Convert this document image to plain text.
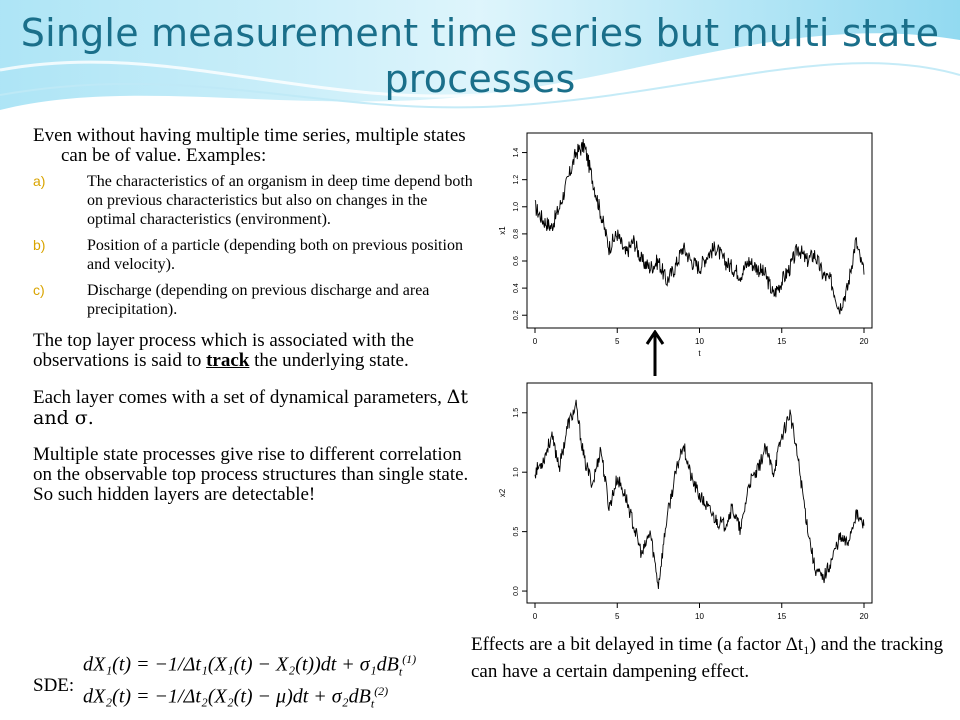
Single measurement time series but multi state processes
Even without having multiple time series, multiple states can be of value. Examples:
a)	The characteristics of an organism in deep time depend both on previous characteristics but also on changes in the optimal characteristics (environment).
b)	Position of a particle (depending both on previous position and velocity).
c)	Discharge (depending on previous discharge and area precipitation).
The top layer process which is associated with the observations is said to track the underlying state.
Each layer comes with a set of dynamical parameters, Δt and σ.
Multiple state processes give rise to different correlation on the observable top process structures than single state. So such hidden layers are detectable!
SDE:
$dX_1(t) = -1/\Delta t_1(X_1(t) - X_2(t))dt + \sigma_1dB_t^{(1)}$
$dX_2(t) = -1/\Delta t_2(X_2(t) - \mu)dt + \sigma_2dB_t^{(2)}$
0	5	10	15	20
0.2
0.4
0.6
0.8
1.0
1.2
1.4
x1
t
0	5	10	15	20
0.0
0.5
1.0
1.5
x2
Effects are a bit delayed in time (a factor Δt₁) and the tracking can have a certain dampening effect.
